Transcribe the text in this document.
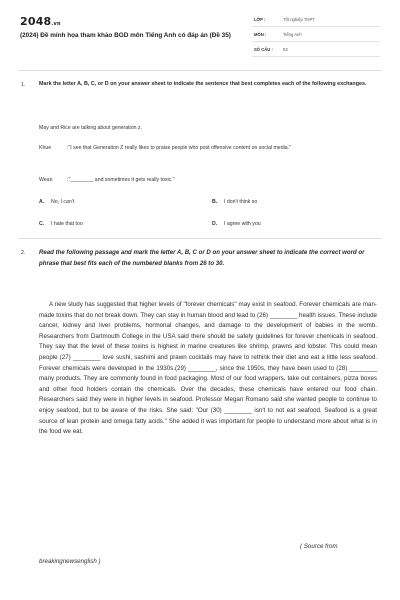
2048.vn
(2024) Đề minh họa tham khảo BGD môn Tiếng Anh có đáp án (Đề 35)
LỚP :	Tốt nghiệp THPT
MÔN :	Tiếng Anh
SỐ CÂU : 53
1.	Mark the letter A, B, C, or D on your answer sheet to indicate the sentence that best completes each of the following exchanges.
May and Rice are talking about generation z.
Khue	:"I see that Generation Z really likes to praise people who post offensive content on social media."
Wean	:"________ and sometimes it gets really toxic."
A. No, I can't	B. I don't think so
C. I hate that too	D. I agree with you
2. Read the following passage and mark the letter A, B, C or D on your answer sheet to indicate the correct word or phrase that best fits each of the numbered blanks from 26 to 30.

A new study has suggested that higher levels of "forever chemicals" may exist in seafood. Forever chemicals are man-made toxins that do not break down. They can stay in human blood and lead to (26) ________ health issues. These include cancer, kidney and liver problems, hormonal changes, and damage to the development of babies in the womb. Researchers from Dartmouth College in the USA said there should be safety guidelines for forever chemicals in seafood. They say that the level of these toxins is highest in marine creatures like shrimp, prawns and lobster. This could mean people (27) ________ love sushi, sashimi and prawn cocktails may have to rethink their diet and eat a little less seafood. Forever chemicals were developed in the 1930s.(29) ________, since the 1950s, they have been used to (28) ________ many products. They are commonly found in food packaging. Most of our food wrappers, take out containers, pizza boxes and other food holders contain the chemicals. Over the decades, these chemicals have entered our food chain. Researchers said they were in higher levels in seafood. Professor Megan Romano said she wanted people to continue to enjoy seafood, but to be aware of the risks. She said: "Our (30) ________ isn't to not eat seafood. Seafood is a great source of lean protein and omega fatty acids." She added it was important for people to understand more about what is in the food we eat.

( Source from
breakingnewsenglish )
